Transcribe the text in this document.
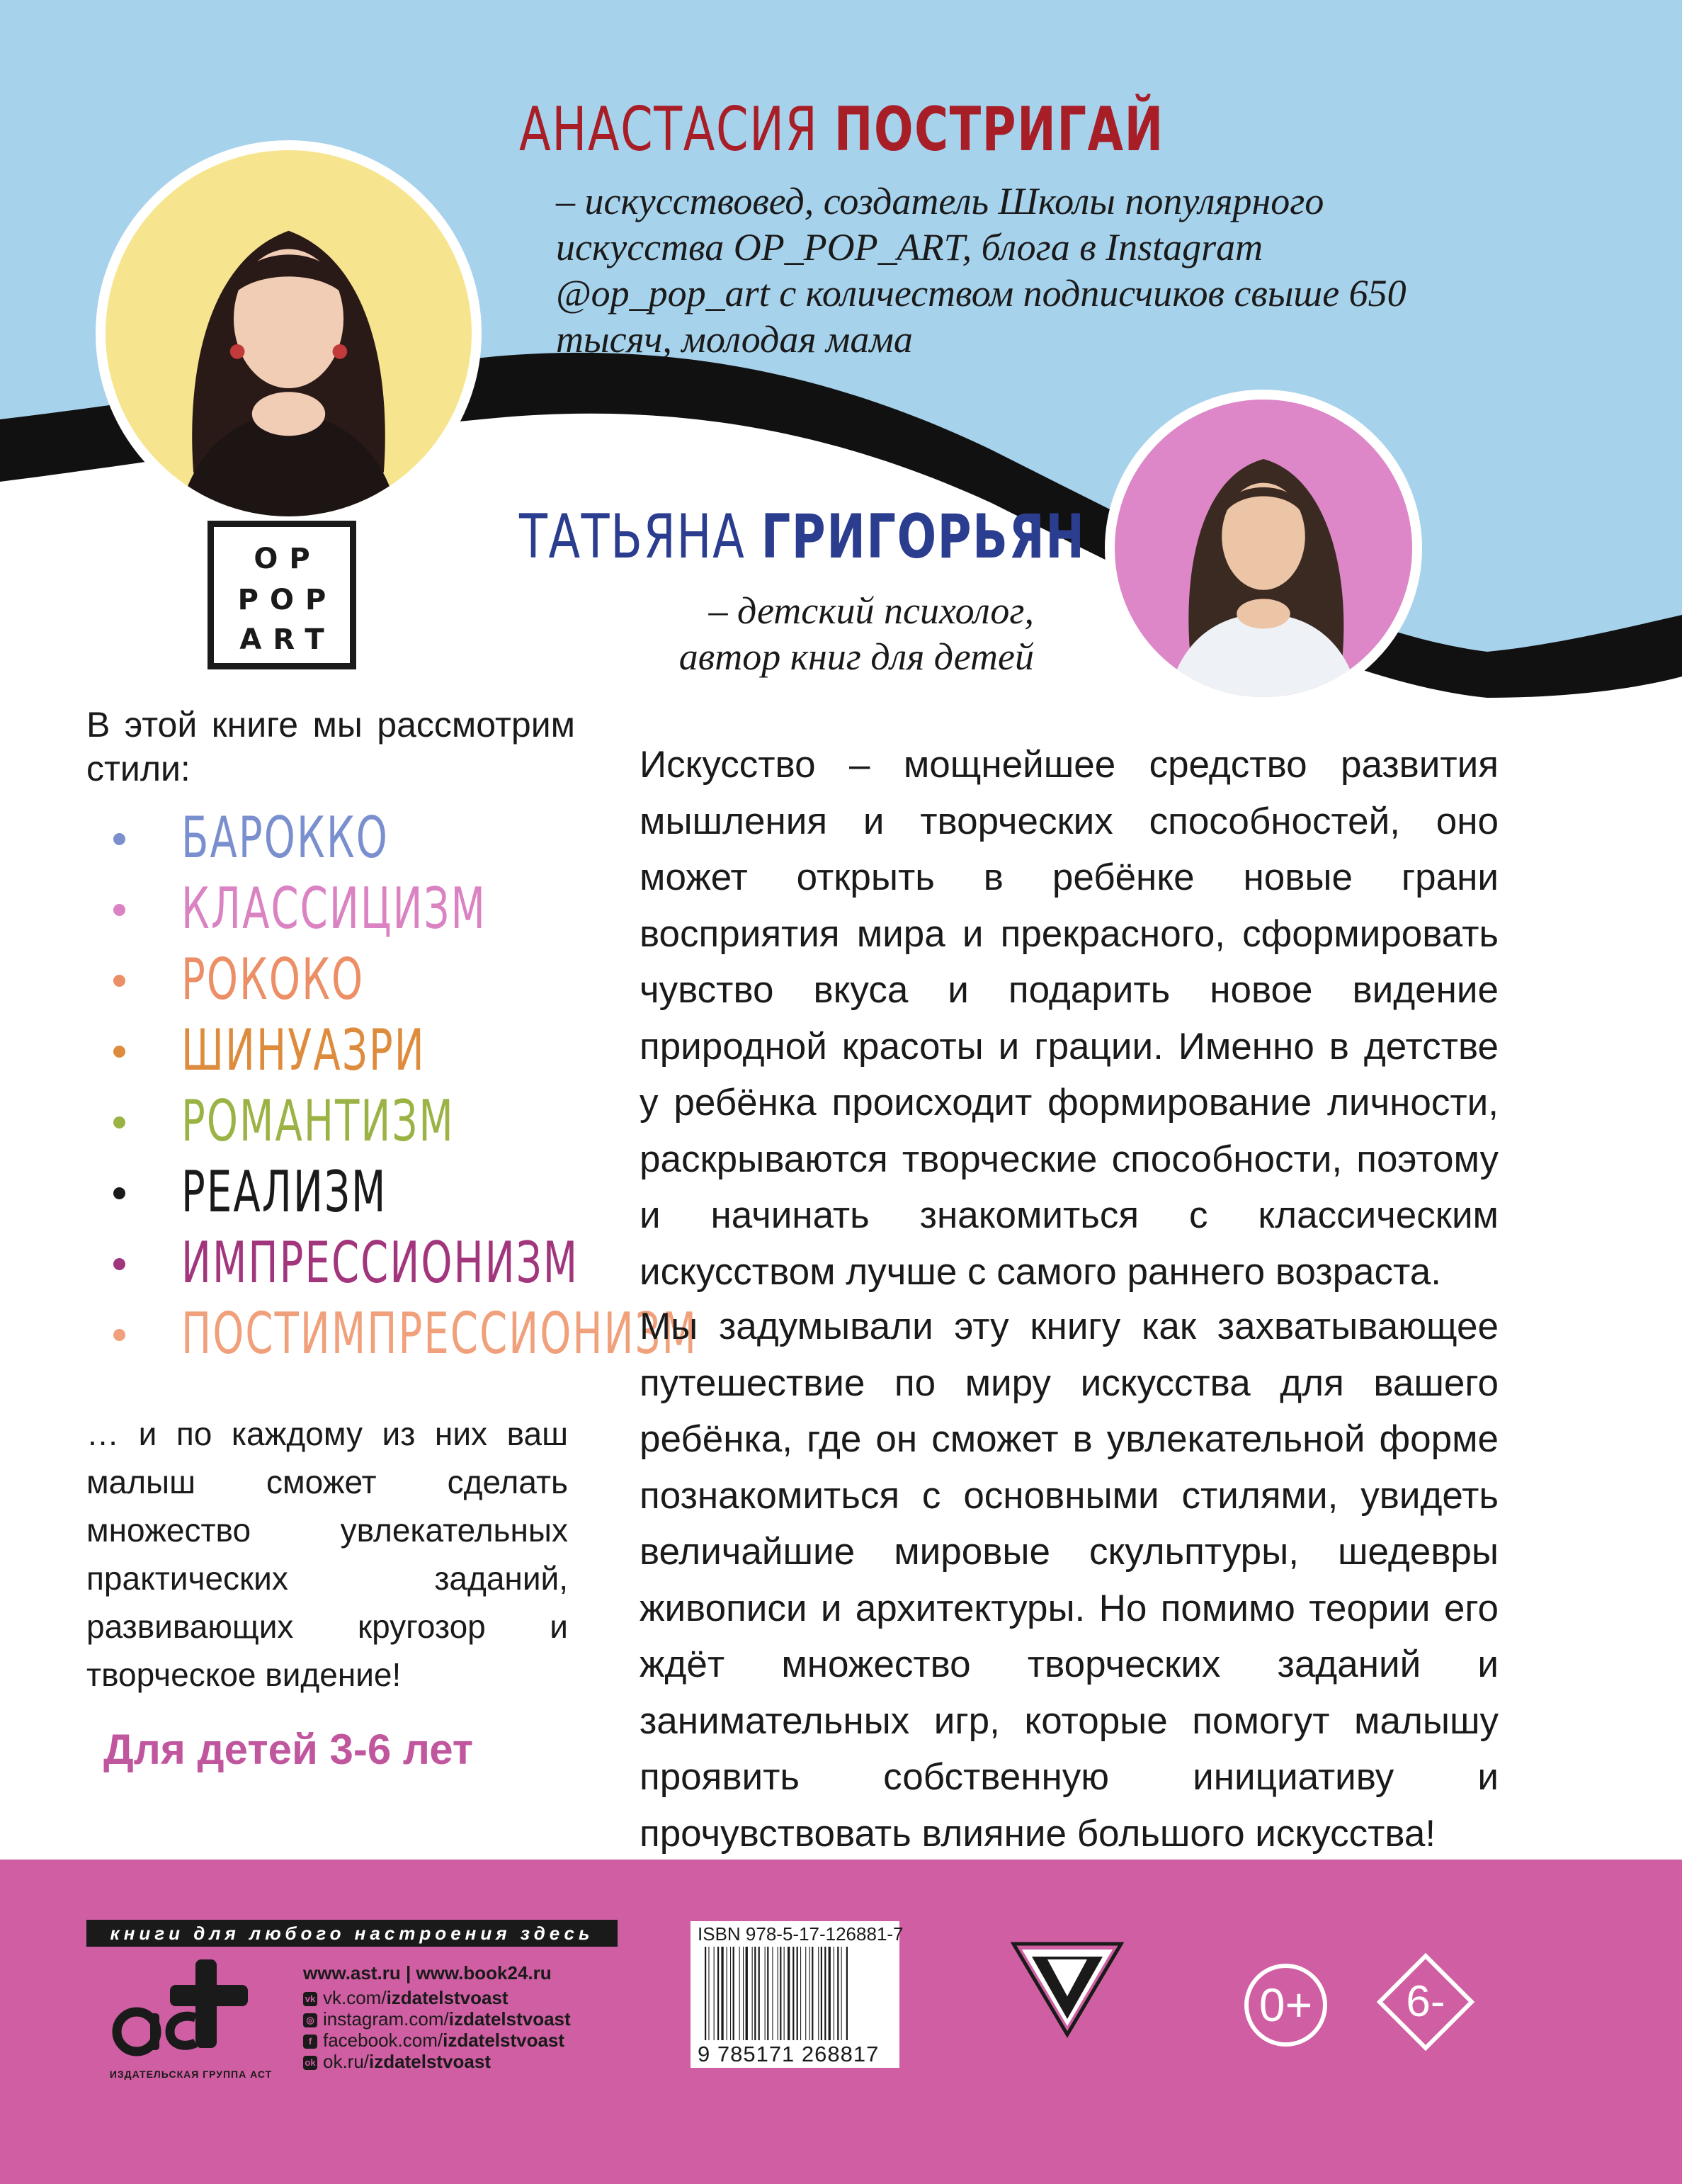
АНАСТАСИЯ ПОСТРИГАЙ
– искусствовед, создатель Школы популярного искусства OP_POP_ART, блога в Instagram @op_pop_art с количеством подписчиков свыше 650 тысяч, молодая мама
ТАТЬЯНА ГРИГОРЬЯН
– детский психолог,
автор книг для детей
OP
POP
ART
В этой книге мы рассмотрим стили:
БАРОККО
КЛАССИЦИЗМ
РОКОКО
ШИНУАЗРИ
РОМАНТИЗМ
РЕАЛИЗМ
ИМПРЕССИОНИЗМ
ПОСТИМПРЕССИОНИЗМ
… и по каждому из них ваш малыш сможет сделать множество увлекательных практических заданий, развивающих кругозор и творческое видение!
Для детей 3-6 лет

Искусство – мощнейшее средство развития мышления и творческих способностей, оно может открыть в ребёнке новые грани восприятия мира и прекрасного, сформировать чувство вкуса и подарить новое видение природной красоты и грации. Именно в детстве у ребёнка происходит формирование личности, раскрываются творческие способности, поэтому и начинать знакомиться с классическим искусством лучше с самого раннего возраста.

Мы задумывали эту книгу как захватывающее путешествие по миру искусства для вашего ребёнка, где он сможет в увлекательной форме познакомиться с основными стилями, увидеть величайшие мировые скульптуры, шедевры живописи и архитектуры. Но помимо теории его ждёт множество творческих заданий и занимательных игр, которые помогут малышу проявить собственную инициативу и прочувствовать влияние большого искусства!

книги для любого настроения здесь
ИЗДАТЕЛЬСКАЯ ГРУППА АСТ
www.ast.ru | www.book24.ru
vk vk.com/izdatelstvoast
◎ instagram.com/izdatelstvoast
f facebook.com/izdatelstvoast
ok ok.ru/izdatelstvoast
ISBN 978-5-17-126881-7
9 785171 268817
0+	6-
